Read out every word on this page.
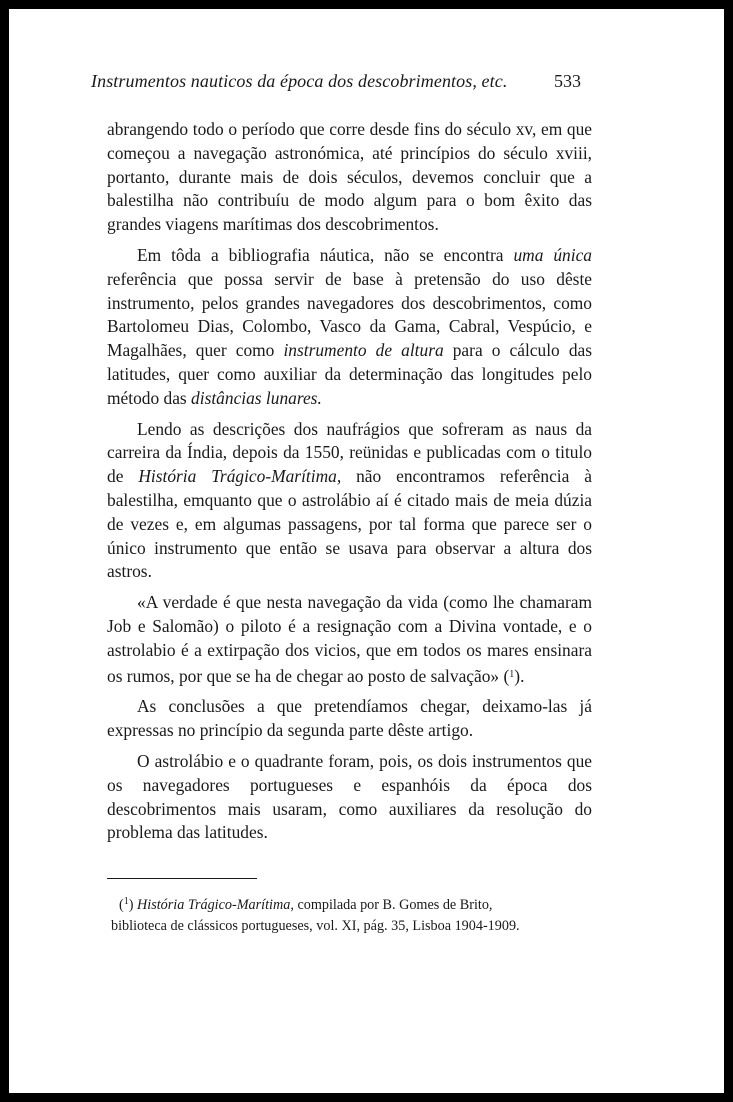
Instrumentos nauticos da época dos descobrimentos, etc.	533

abrangendo todo o período que corre desde fins do século xv, em que começou a navegação astronómica, até princípios do século xviii, portanto, durante mais de dois séculos, devemos concluir que a balestilha não contribuíu de modo algum para o bom êxito das grandes viagens marítimas dos descobrimentos.

Em tôda a bibliografia náutica, não se encontra uma única referência que possa servir de base à pretensão do uso dêste instrumento, pelos grandes navegadores dos descobrimentos, como Bartolomeu Dias, Colombo, Vasco da Gama, Cabral, Vespúcio, e Magalhães, quer como instrumento de altura para o cálculo das latitudes, quer como auxiliar da determinação das longitudes pelo método das distâncias lunares.

Lendo as descrições dos naufrágios que sofreram as naus da carreira da Índia, depois da 1550, reünidas e publicadas com o titulo de História Trágico-Marítima, não encontramos referência à balestilha, emquanto que o astrolábio aí é citado mais de meia dúzia de vezes e, em algumas passagens, por tal forma que parece ser o único instrumento que então se usava para observar a altura dos astros.

«A verdade é que nesta navegação da vida (como lhe chamaram Job e Salomão) o piloto é a resignação com a Divina vontade, e o astrolabio é a extirpação dos vicios, que em todos os mares ensinara os rumos, por que se ha de chegar ao posto de salvação» ($^1$).

As conclusões a que pretendíamos chegar, deixamo-las já expressas no princípio da segunda parte dêste artigo.

O astrolábio e o quadrante foram, pois, os dois instrumentos que os navegadores portugueses e espanhóis da época dos descobrimentos mais usaram, como auxiliares da resolução do problema das latitudes.

($^1$) História Trágico-Marítima, compilada por B. Gomes de Brito,
biblioteca de clássicos portugueses, vol. XI, pág. 35, Lisboa 1904-1909.
